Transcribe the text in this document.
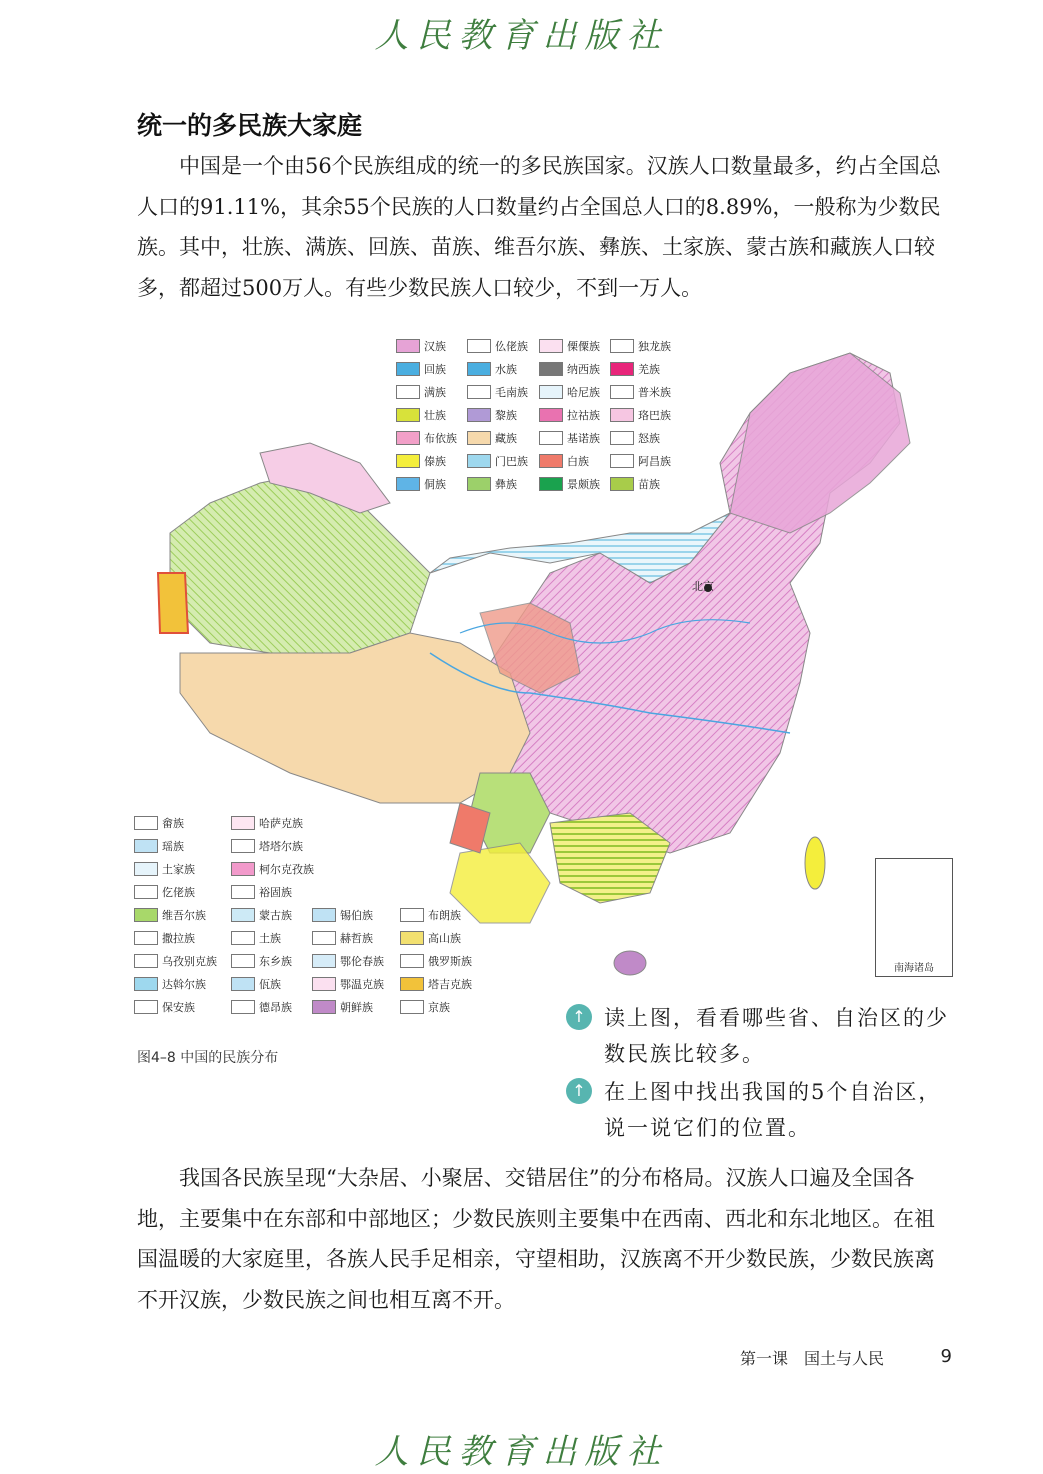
人民教育出版社
统一的多民族大家庭

中国是一个由56个民族组成的统一的多民族国家。汉族人口数量最多，约占全国总人口的91.11%，其余55个民族的人口数量约占全国总人口的8.89%，一般称为少数民族。其中，壮族、满族、回族、苗族、维吾尔族、彝族、土家族、蒙古族和藏族人口较多，都超过500万人。有些少数民族人口较少，不到一万人。

北京
汉族
回族
满族
壮族
布依族
傣族
侗族
仫佬族
水族
毛南族
黎族
藏族
门巴族
彝族
傈僳族
纳西族
哈尼族
拉祜族
基诺族
白族
景颇族
独龙族
羌族
普米族
珞巴族
怒族
阿昌族
苗族
畲族
瑶族
土家族
仡佬族
维吾尔族
撒拉族
乌孜别克族
达斡尔族
保安族
哈萨克族
塔塔尔族
柯尔克孜族
裕固族
蒙古族
土族
东乡族
佤族
德昂族
锡伯族
赫哲族
鄂伦春族
鄂温克族
朝鲜族
布朗族
高山族
俄罗斯族
塔吉克族
京族
南海诸岛
图4–8 中国的民族分布
↑ 读上图，看看哪些省、自治区的少数民族比较多。
↑ 在上图中找出我国的5个自治区，说一说它们的位置。

我国各民族呈现“大杂居、小聚居、交错居住”的分布格局。汉族人口遍及全国各地，主要集中在东部和中部地区；少数民族则主要集中在西南、西北和东北地区。在祖国温暖的大家庭里，各族人民手足相亲，守望相助，汉族离不开少数民族，少数民族离不开汉族，少数民族之间也相互离不开。

第一课　国土与人民	9
人民教育出版社
